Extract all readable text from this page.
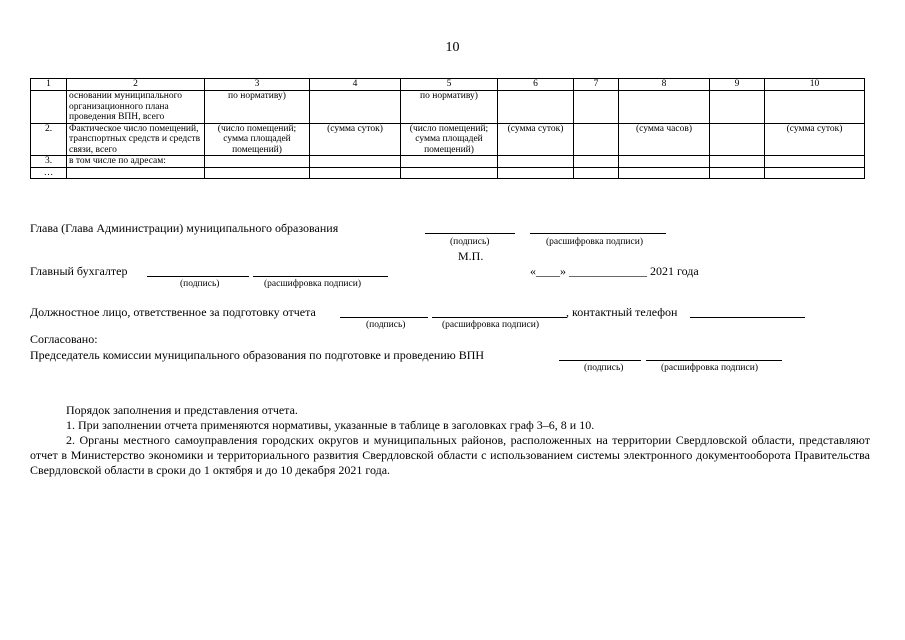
10
1	2	3	4	5	6	7	8	9	10
	основании муниципального организационного плана проведения ВПН, всего	по нормативу)		по нормативу)					
2.	Фактическое число помещений, транспортных средств и средств связи, всего	(число помещений; сумма площадей помещений)	(сумма суток)	(число помещений; сумма площадей помещений)	(сумма суток)		(сумма часов)		(сумма суток)
3.	в том числе по адресам:								
…									
Глава (Глава Администрации) муниципального образования
(подпись)	(расшифровка подписи)
М.П.
Главный бухгалтер
(подпись)	(расшифровка подписи)
«____» _____________ 2021 года
Должностное лицо, ответственное за подготовку отчета	, контактный телефон
(подпись)	(расшифровка подписи)
Согласовано:
Председатель комиссии муниципального образования по подготовке и проведению ВПН
(подпись)	(расшифровка подписи)

Порядок заполнения и представления отчета.

1. При заполнении отчета применяются нормативы, указанные в таблице в заголовках граф 3–6, 8 и 10.

2. Органы местного самоуправления городских округов и муниципальных районов, расположенных на территории Свердловской области, представляют отчет в Министерство экономики и территориального развития Свердловской области с использованием системы электронного документооборота Правительства Свердловской области в сроки до 1 октября и до 10 декабря 2021 года.
